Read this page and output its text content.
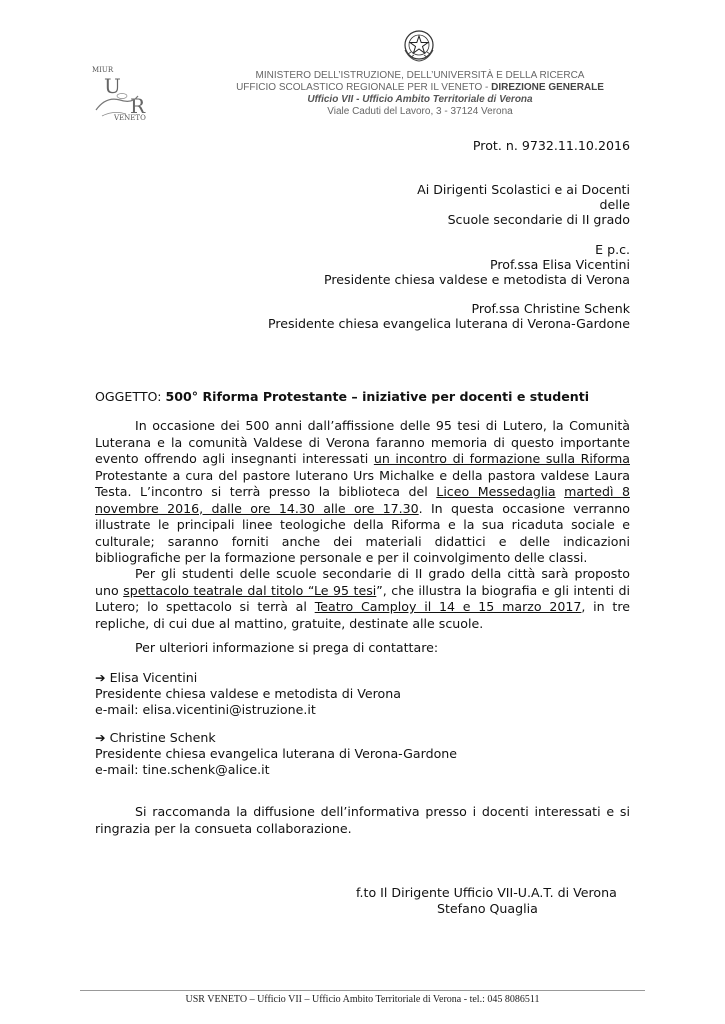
MIUR
U
R
VENETO
MINISTERO DELL’ISTRUZIONE, DELL’UNIVERSITÀ E DELLA RICERCA
UFFICIO SCOLASTICO REGIONALE PER IL VENETO - DIREZIONE GENERALE
Ufficio VII - Ufficio Ambito Territoriale di Verona
Viale Caduti del Lavoro, 3 - 37124 Verona
Prot. n. 9732.11.10.2016
Ai Dirigenti Scolastici e ai Docenti
delle
Scuole secondarie di II grado
E p.c.
Prof.ssa Elisa Vicentini
Presidente chiesa valdese e metodista di Verona
Prof.ssa Christine Schenk
Presidente chiesa evangelica luterana di Verona-Gardone
OGGETTO: 500° Riforma Protestante – iniziative per docenti e studenti
In occasione dei 500 anni dall’affissione delle 95 tesi di Lutero, la Comunità Luterana e la comunità Valdese di Verona faranno memoria di questo importante evento offrendo agli insegnanti interessati un incontro di formazione sulla Riforma Protestante a cura del pastore luterano Urs Michalke e della pastora valdese Laura Testa. L’incontro si terrà presso la biblioteca del Liceo Messedaglia martedì 8 novembre 2016, dalle ore 14.30 alle ore 17.30. In questa occasione verranno illustrate le principali linee teologiche della Riforma e la sua ricaduta sociale e culturale; saranno forniti anche dei materiali didattici e delle indicazioni bibliografiche per la formazione personale e per il coinvolgimento delle classi.
Per gli studenti delle scuole secondarie di II grado della città sarà proposto uno spettacolo teatrale dal titolo “Le 95 tesi”, che illustra la biografia e gli intenti di Lutero; lo spettacolo si terrà al Teatro Camploy il 14 e 15 marzo 2017, in tre repliche, di cui due al mattino, gratuite, destinate alle scuole.
Per ulteriori informazione si prega di contattare:
➔ Elisa Vicentini
Presidente chiesa valdese e metodista di Verona
e-mail: elisa.vicentini@istruzione.it
➔ Christine Schenk
Presidente chiesa evangelica luterana di Verona-Gardone
e-mail: tine.schenk@alice.it
Si raccomanda la diffusione dell’informativa presso i docenti interessati e si ringrazia per la consueta collaborazione.
f.to Il Dirigente Ufficio VII-U.A.T. di Verona
Stefano Quaglia
USR VENETO – Ufficio VII – Ufficio Ambito Territoriale di Verona - tel.: 045 8086511
